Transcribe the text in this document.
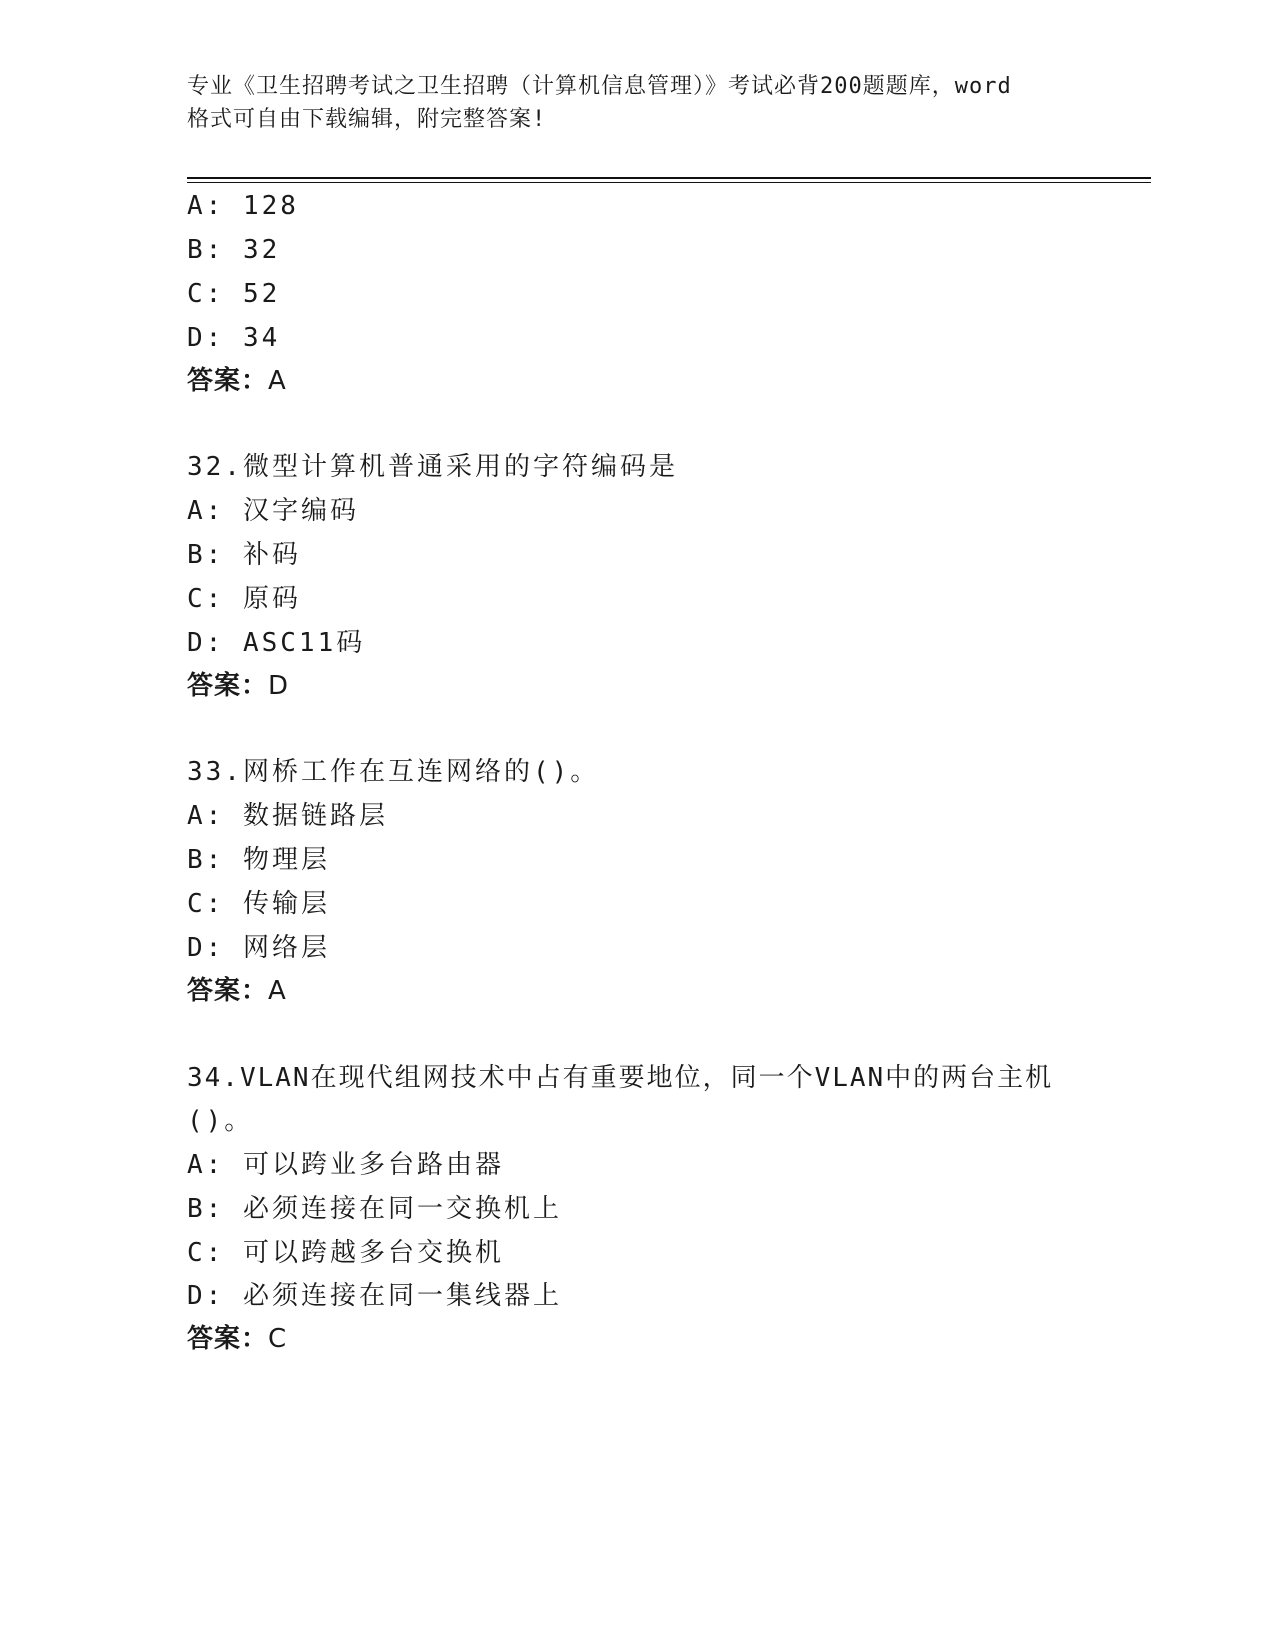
专业《卫生招聘考试之卫生招聘（计算机信息管理）》考试必背200题题库，word
格式可自由下载编辑，附完整答案!
A: 128
B: 32
C: 52
D: 34
答案：A
32.微型计算机普通采用的字符编码是
A: 汉字编码
B: 补码
C: 原码
D: ASC11码
答案：D
33.网桥工作在互连网络的()。
A: 数据链路层
B: 物理层
C: 传输层
D: 网络层
答案：A
34.VLAN在现代组网技术中占有重要地位，同一个VLAN中的两台主机
()。
A: 可以跨业多台路由器
B: 必须连接在同一交换机上
C: 可以跨越多台交换机
D: 必须连接在同一集线器上
答案：C
